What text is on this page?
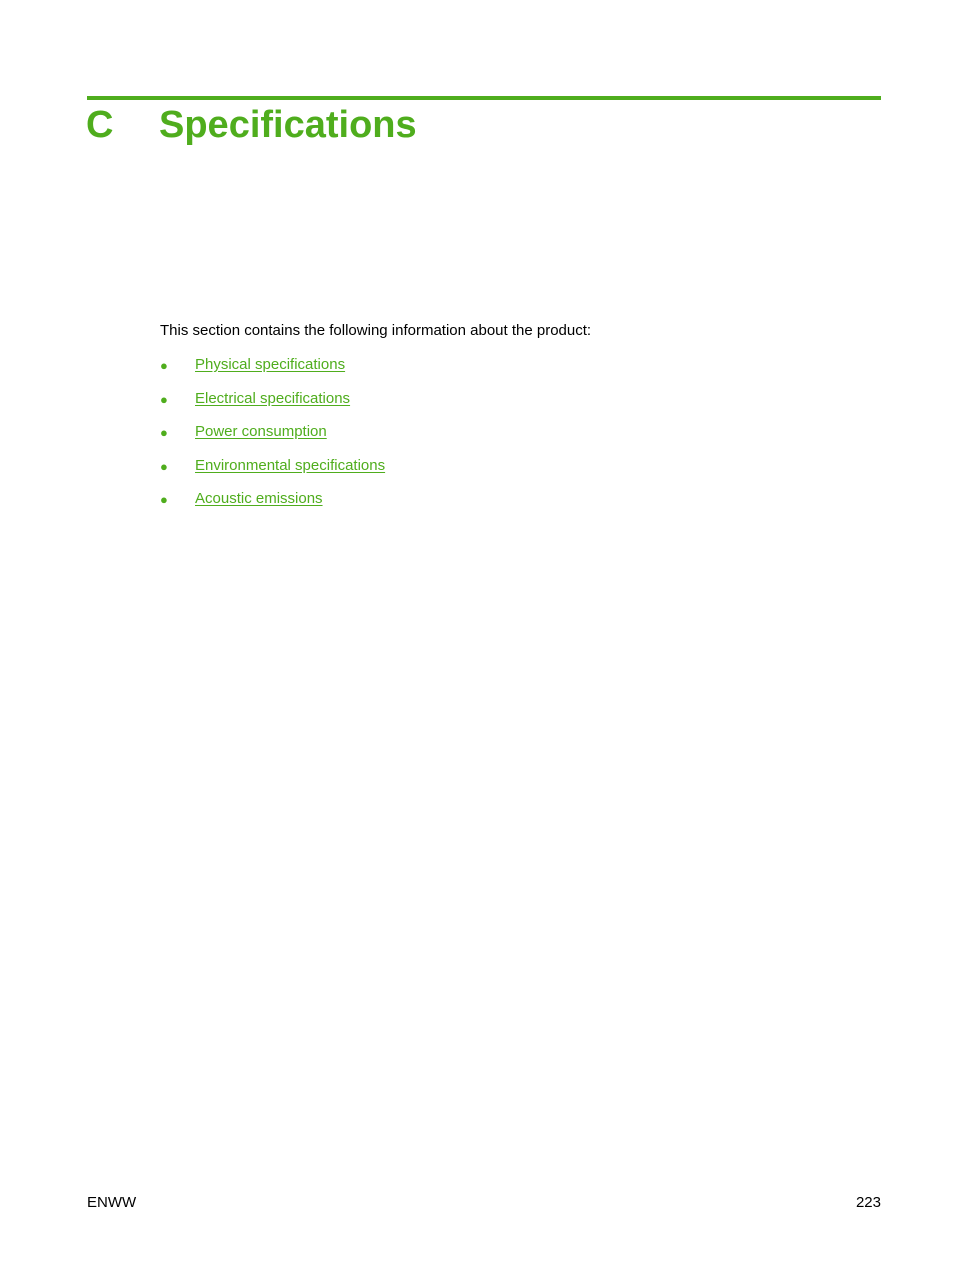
C Specifications

This section contains the following information about the product:

● Physical specifications
● Electrical specifications
● Power consumption
● Environmental specifications
● Acoustic emissions
ENWW	223
